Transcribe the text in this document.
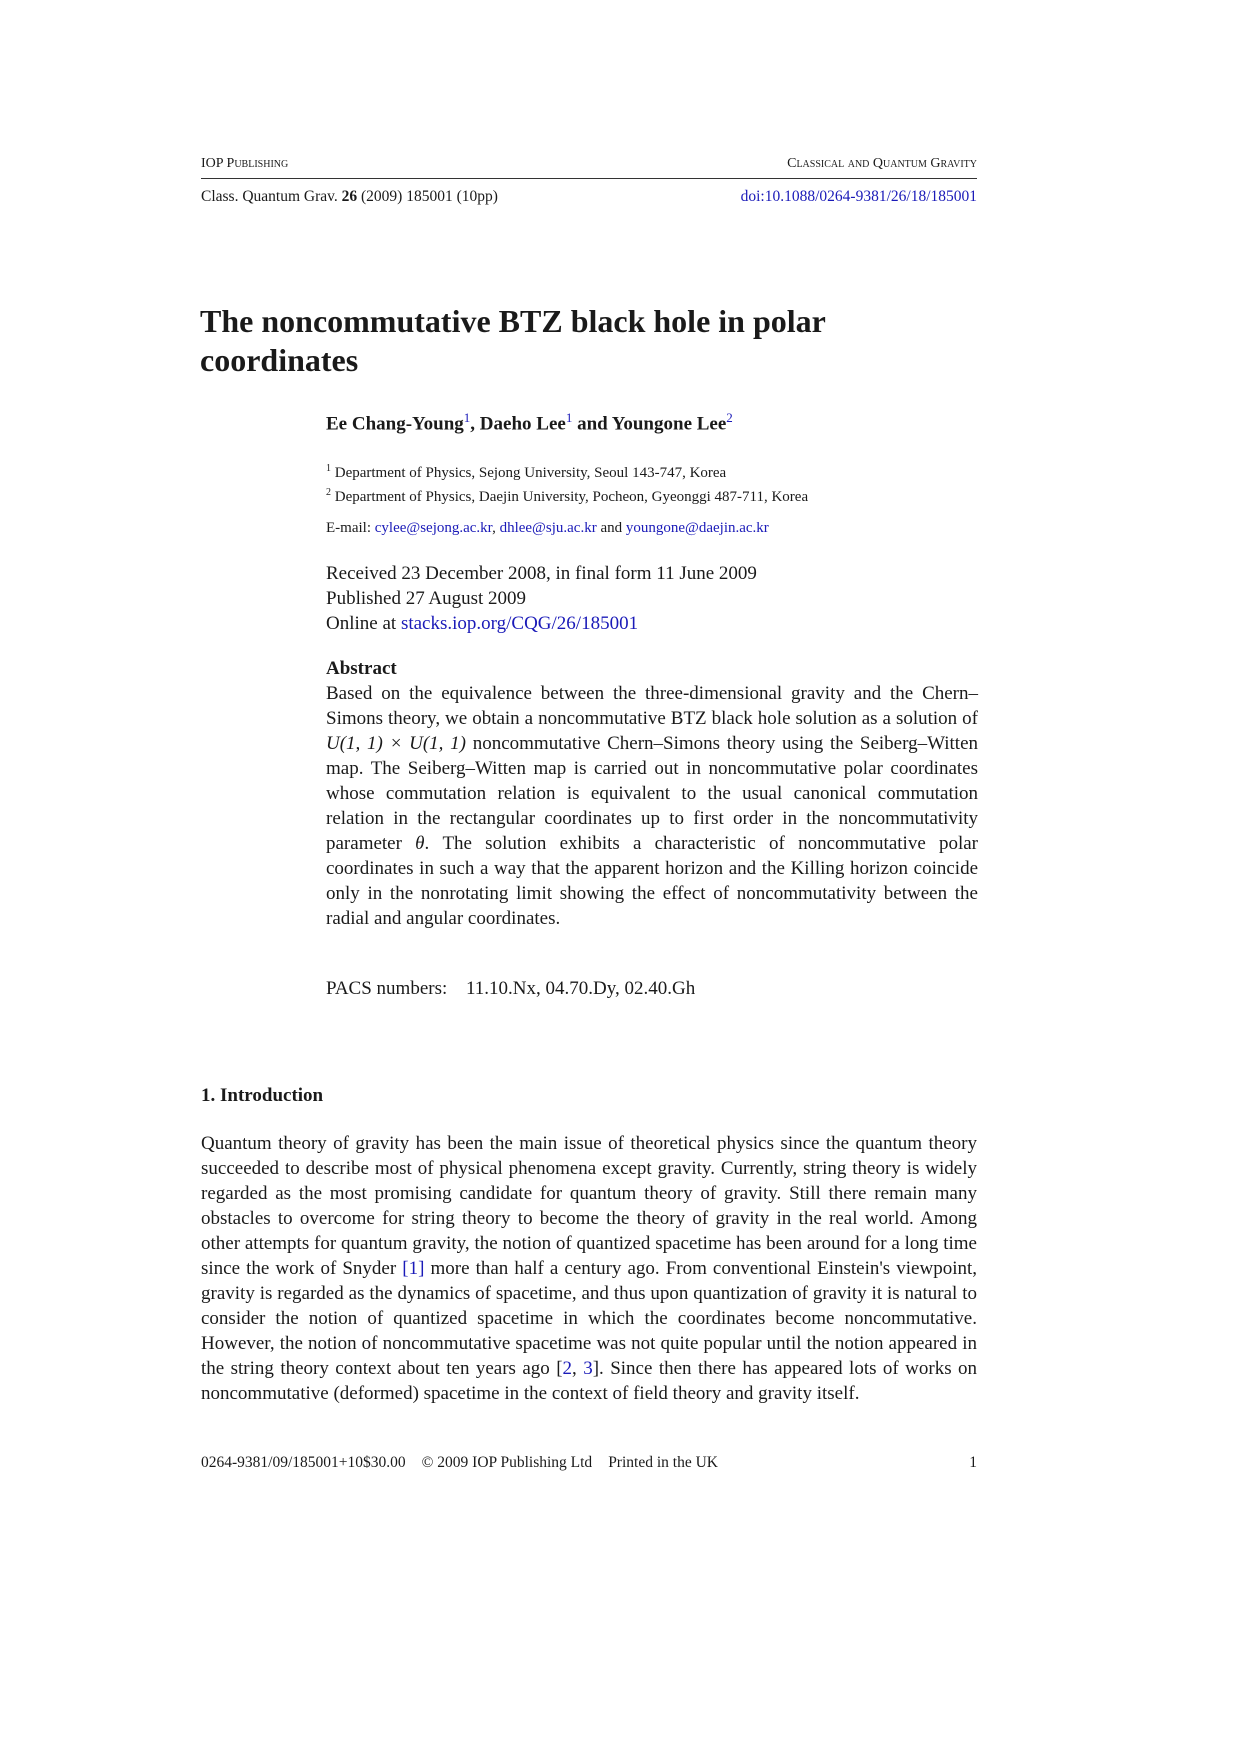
IOP Publishing	Classical and Quantum Gravity
Class. Quantum Grav. 26 (2009) 185001 (10pp)	doi:10.1088/0264-9381/26/18/185001
The noncommutative BTZ black hole in polar coordinates
Ee Chang-Young$^1$, Daeho Lee$^1$ and Youngone Lee$^2$
$^1$ Department of Physics, Sejong University, Seoul 143-747, Korea
$^2$ Department of Physics, Daejin University, Pocheon, Gyeonggi 487-711, Korea
E-mail: cylee@sejong.ac.kr, dhlee@sju.ac.kr and youngone@daejin.ac.kr
Received 23 December 2008, in final form 11 June 2009
Published 27 August 2009
Online at stacks.iop.org/CQG/26/185001
Abstract
Based on the equivalence between the three-dimensional gravity and the Chern–Simons theory, we obtain a noncommutative BTZ black hole solution as a solution of U(1, 1) × U(1, 1) noncommutative Chern–Simons theory using the Seiberg–Witten map. The Seiberg–Witten map is carried out in noncommutative polar coordinates whose commutation relation is equivalent to the usual canonical commutation relation in the rectangular coordinates up to first order in the noncommutativity parameter θ. The solution exhibits a characteristic of noncommutative polar coordinates in such a way that the apparent horizon and the Killing horizon coincide only in the nonrotating limit showing the effect of noncommutativity between the radial and angular coordinates.
PACS numbers: 11.10.Nx, 04.70.Dy, 02.40.Gh
1. Introduction

Quantum theory of gravity has been the main issue of theoretical physics since the quantum theory succeeded to describe most of physical phenomena except gravity. Currently, string theory is widely regarded as the most promising candidate for quantum theory of gravity. Still there remain many obstacles to overcome for string theory to become the theory of gravity in the real world. Among other attempts for quantum gravity, the notion of quantized spacetime has been around for a long time since the work of Snyder [1] more than half a century ago. From conventional Einstein's viewpoint, gravity is regarded as the dynamics of spacetime, and thus upon quantization of gravity it is natural to consider the notion of quantized spacetime in which the coordinates become noncommutative. However, the notion of noncommutative spacetime was not quite popular until the notion appeared in the string theory context about ten years ago [2, 3]. Since then there has appeared lots of works on noncommutative (deformed) spacetime in the context of field theory and gravity itself.

0264-9381/09/185001+10$30.00 © 2009 IOP Publishing Ltd Printed in the UK	1
